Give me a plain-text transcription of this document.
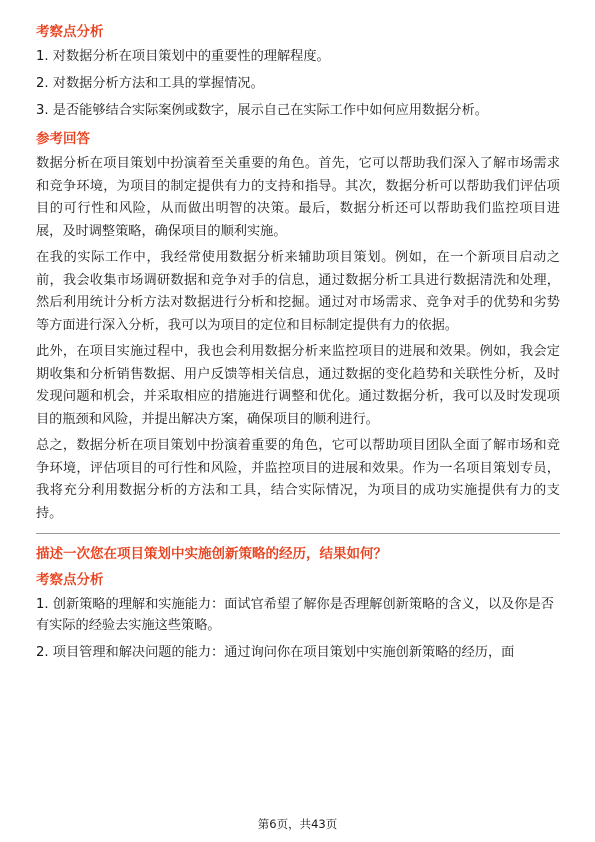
考察点分析
1. 对数据分析在项目策划中的重要性的理解程度。
2. 对数据分析方法和工具的掌握情况。
3. 是否能够结合实际案例或数字，展示自己在实际工作中如何应用数据分析。
参考回答
数据分析在项目策划中扮演着至关重要的角色。首先，它可以帮助我们深入了解市场需求和竞争环境，为项目的制定提供有力的支持和指导。其次，数据分析可以帮助我们评估项目的可行性和风险，从而做出明智的决策。最后，数据分析还可以帮助我们监控项目进展，及时调整策略，确保项目的顺利实施。
在我的实际工作中，我经常使用数据分析来辅助项目策划。例如，在一个新项目启动之前，我会收集市场调研数据和竞争对手的信息，通过数据分析工具进行数据清洗和处理，然后利用统计分析方法对数据进行分析和挖掘。通过对市场需求、竞争对手的优势和劣势等方面进行深入分析，我可以为项目的定位和目标制定提供有力的依据。
此外，在项目实施过程中，我也会利用数据分析来监控项目的进展和效果。例如，我会定期收集和分析销售数据、用户反馈等相关信息，通过数据的变化趋势和关联性分析，及时发现问题和机会，并采取相应的措施进行调整和优化。通过数据分析，我可以及时发现项目的瓶颈和风险，并提出解决方案，确保项目的顺利进行。
总之，数据分析在项目策划中扮演着重要的角色，它可以帮助项目团队全面了解市场和竞争环境，评估项目的可行性和风险，并监控项目的进展和效果。作为一名项目策划专员，我将充分利用数据分析的方法和工具，结合实际情况，为项目的成功实施提供有力的支持。
描述一次您在项目策划中实施创新策略的经历，结果如何？
考察点分析
1. 创新策略的理解和实施能力：面试官希望了解你是否理解创新策略的含义，以及你是否有实际的经验去实施这些策略。
2. 项目管理和解决问题的能力：通过询问你在项目策划中实施创新策略的经历，面
第6页，共43页
